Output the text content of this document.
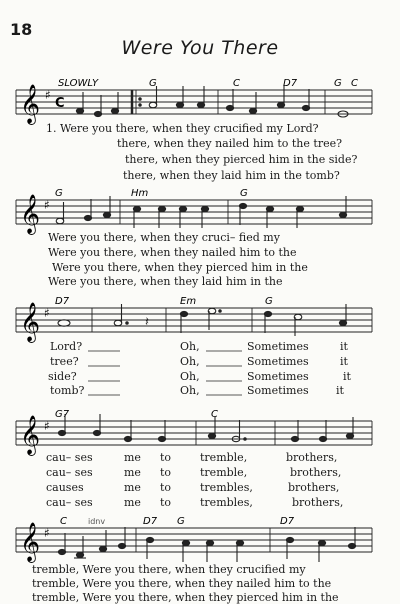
18
Were You There
SLOWLY	G	C	D7	G C
𝄞 ♯
C
1. Were you there, when they crucified my Lord?
there, when they nailed him to the tree?
there, when they pierced him in the side?
there, when they laid him in the tomb?
G	Hm	G
𝄞 ♯
Were you there, when they cruci– fied my
Were you there, when they nailed him to the
Were you there, when they pierced him in the
Were you there, when they laid him in the
D7	Em	G
𝄞 ♯
𝄽
Lord?	Oh,	Sometimes	it
tree?	Oh,	Sometimes	it
side?	Oh,	Sometimes	it
tomb?	Oh,	Sometimes it
G7	C
𝄞 ♯
cau– ses	me to	tremble,	brothers,
cau– ses	me to	tremble,	brothers,
causes	me to	trembles,	brothers,
cau– ses	me to	trembles,	brothers,
C	D7 G	D7
idnv
𝄞 ♯
tremble, Were you there, when they crucified my
tremble, Were you there, when they nailed him to the
tremble, Were you there, when they pierced him in the
